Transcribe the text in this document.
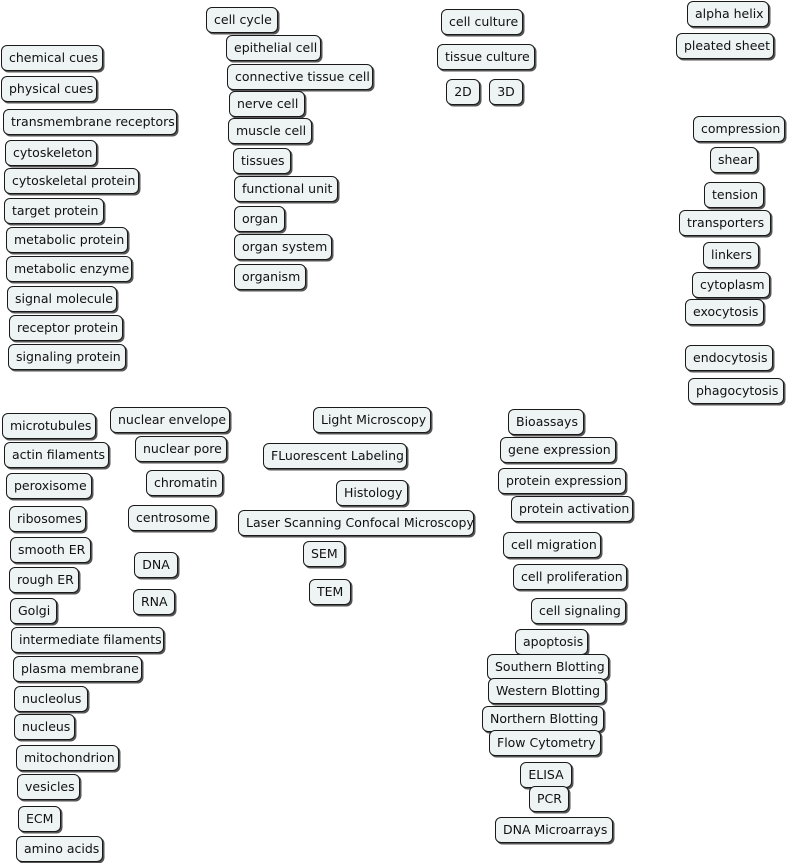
cell cycle
epithelial cell
connective tissue cell
nerve cell
muscle cell
tissues
functional unit
organ
organ system
organism
cell culture
tissue culture
2D	3D
alpha helix
pleated sheet
compression
shear
tension
transporters
linkers
cytoplasm
exocytosis
endocytosis
phagocytosis
chemical cues
physical cues
transmembrane receptors
cytoskeleton
cytoskeletal protein
target protein
metabolic protein
metabolic enzyme
signal molecule
receptor protein
signaling protein
microtubules
actin filaments
peroxisome
ribosomes
smooth ER
rough ER
Golgi
intermediate filaments
plasma membrane
nucleolus
nucleus
mitochondrion
vesicles
ECM
amino acids
nuclear envelope
nuclear pore
chromatin
centrosome
DNA
RNA
Light Microscopy
FLuorescent Labeling
Histology
Laser Scanning Confocal Microscopy
SEM
TEM
Bioassays
gene expression
protein expression
protein activation
cell migration
cell proliferation
cell signaling
apoptosis
Southern Blotting
Western Blotting
Northern Blotting
Flow Cytometry
ELISA
PCR
DNA Microarrays
